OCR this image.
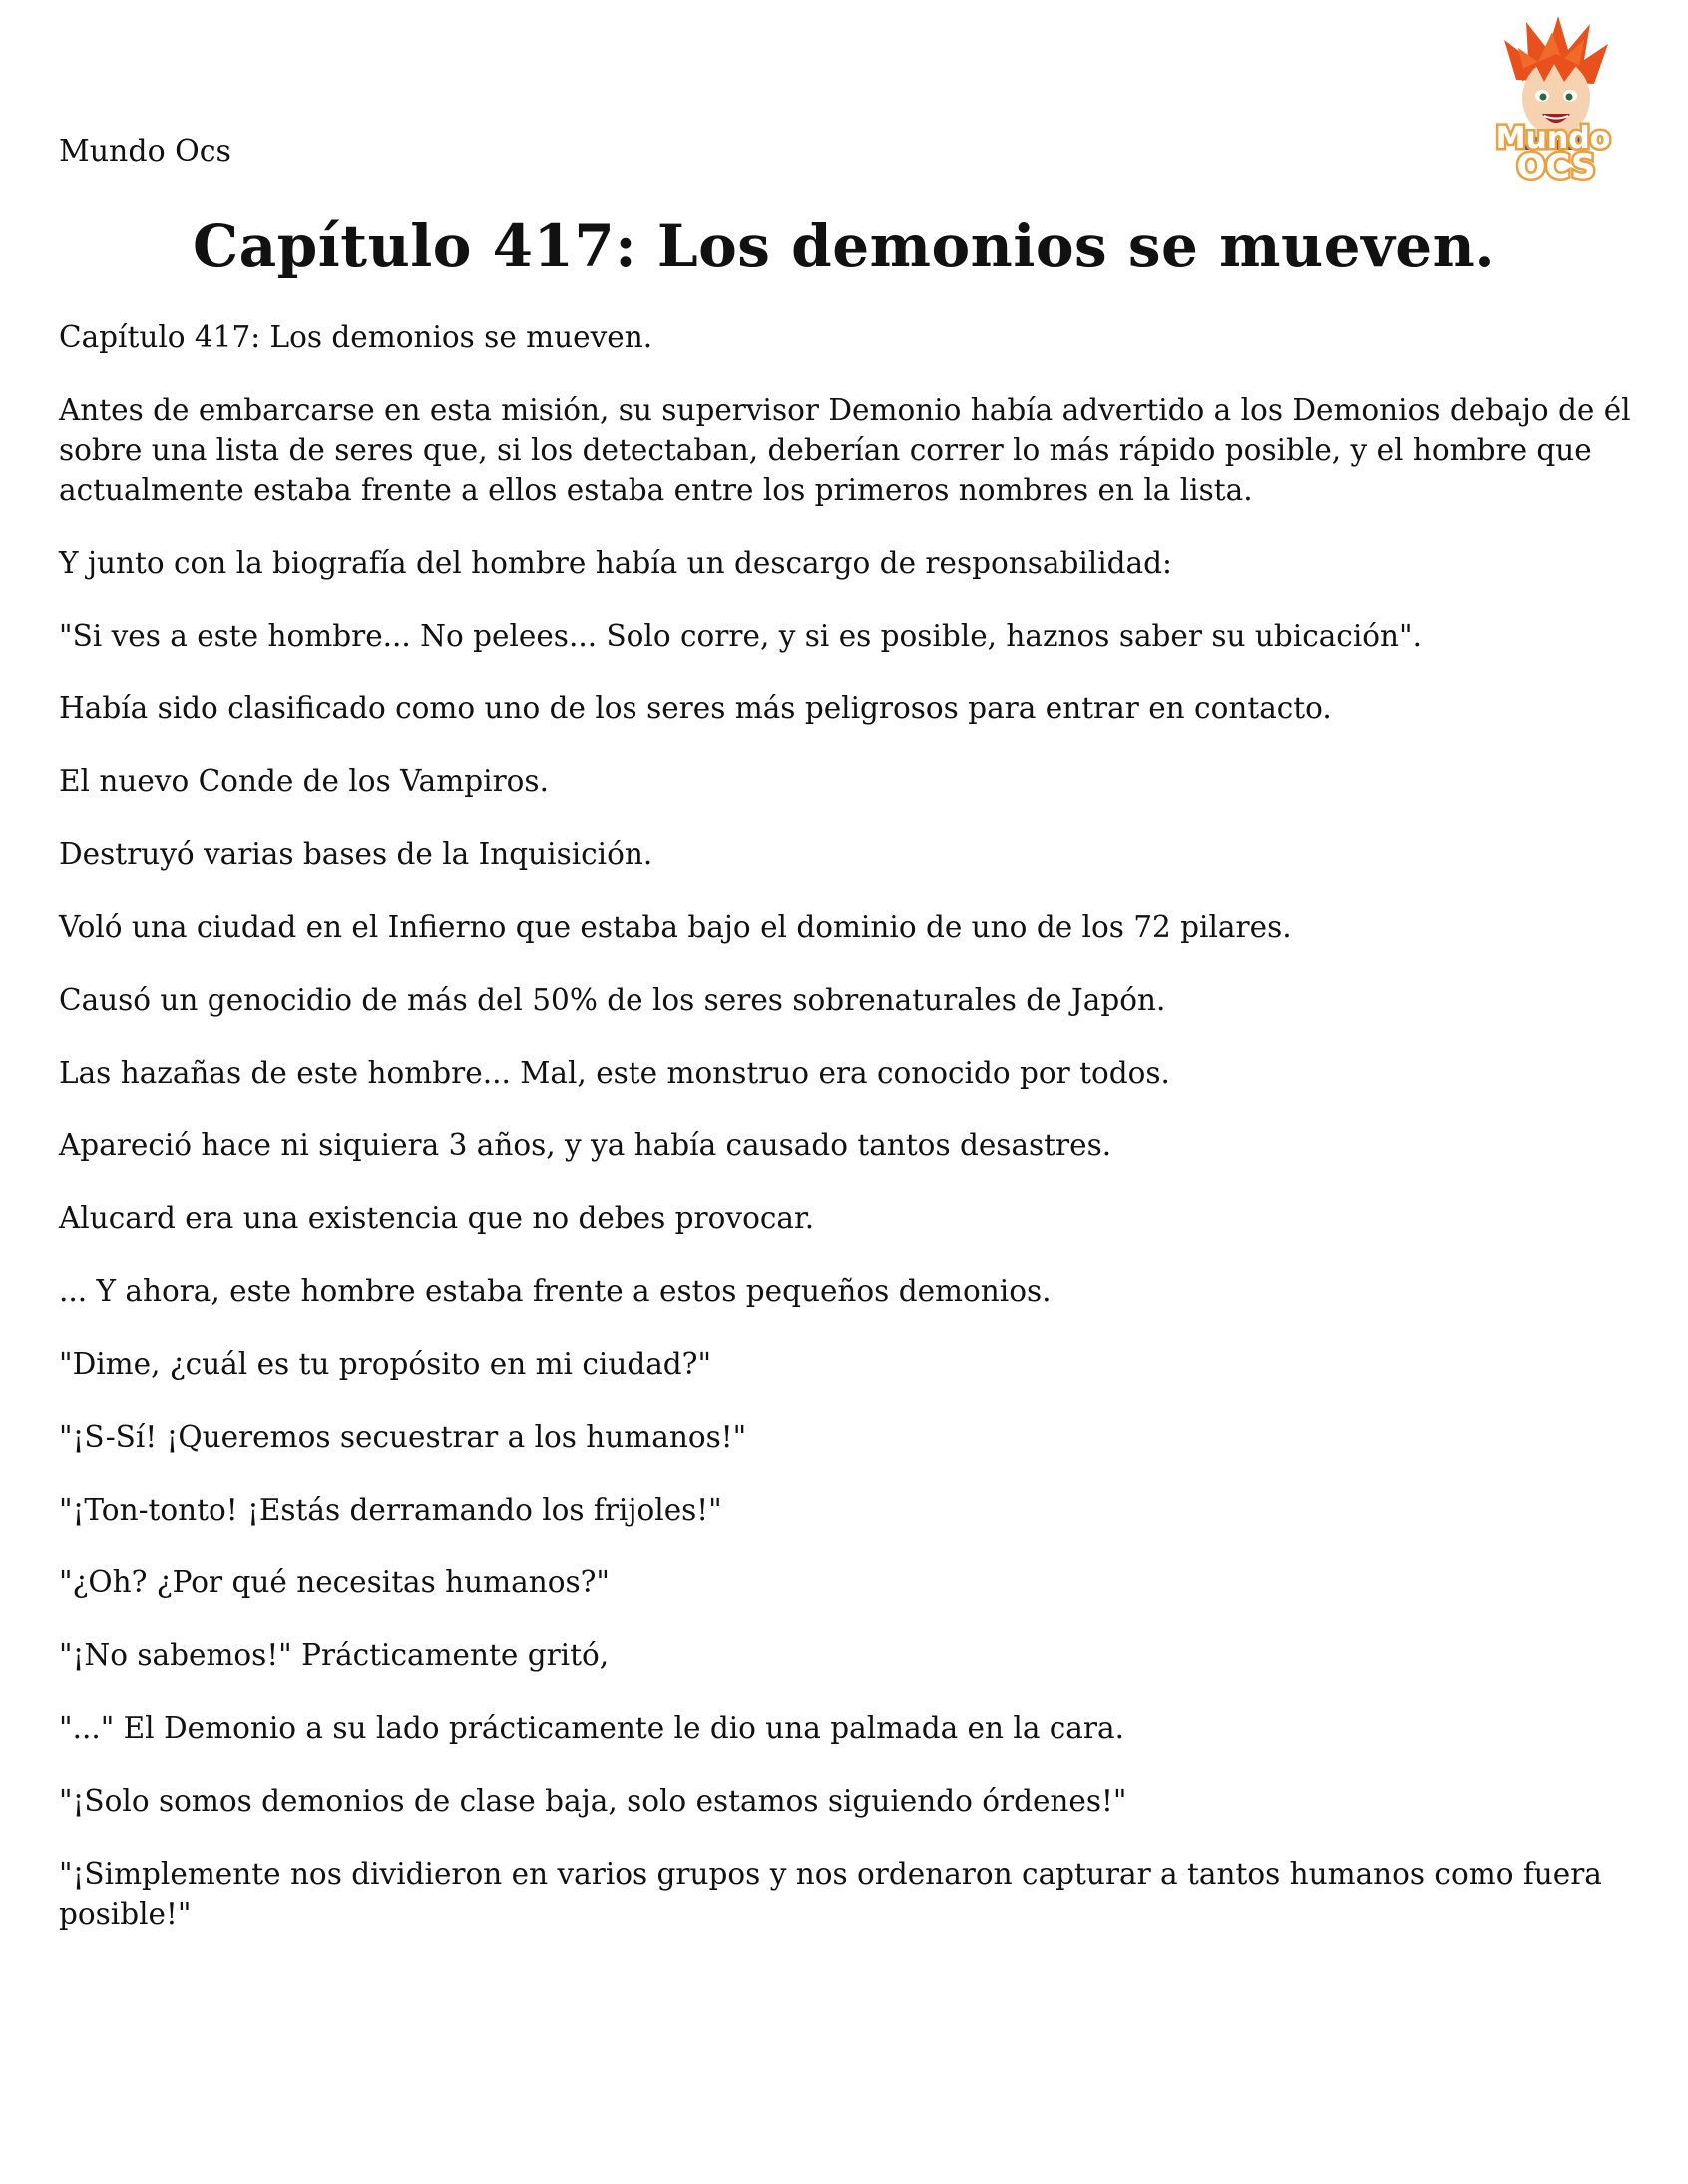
Mundo Ocs	Mundo
OCS
Capítulo 417: Los demonios se mueven.

Capítulo 417: Los demonios se mueven.

Antes de embarcarse en esta misión, su supervisor Demonio había advertido a los Demonios debajo de él sobre una lista de seres que, si los detectaban, deberían correr lo más rápido posible, y el hombre que actualmente estaba frente a ellos estaba entre los primeros nombres en la lista.

Y junto con la biografía del hombre había un descargo de responsabilidad:

"Si ves a este hombre... No pelees... Solo corre, y si es posible, haznos saber su ubicación".

Había sido clasificado como uno de los seres más peligrosos para entrar en contacto.

El nuevo Conde de los Vampiros.

Destruyó varias bases de la Inquisición.

Voló una ciudad en el Infierno que estaba bajo el dominio de uno de los 72 pilares.

Causó un genocidio de más del 50% de los seres sobrenaturales de Japón.

Las hazañas de este hombre... Mal, este monstruo era conocido por todos.

Apareció hace ni siquiera 3 años, y ya había causado tantos desastres.

Alucard era una existencia que no debes provocar.

... Y ahora, este hombre estaba frente a estos pequeños demonios.

"Dime, ¿cuál es tu propósito en mi ciudad?"

"¡S-Sí! ¡Queremos secuestrar a los humanos!"

"¡Ton-tonto! ¡Estás derramando los frijoles!"

"¿Oh? ¿Por qué necesitas humanos?"

"¡No sabemos!" Prácticamente gritó,

"..." El Demonio a su lado prácticamente le dio una palmada en la cara.

"¡Solo somos demonios de clase baja, solo estamos siguiendo órdenes!"

"¡Simplemente nos dividieron en varios grupos y nos ordenaron capturar a tantos humanos como fuera posible!"
